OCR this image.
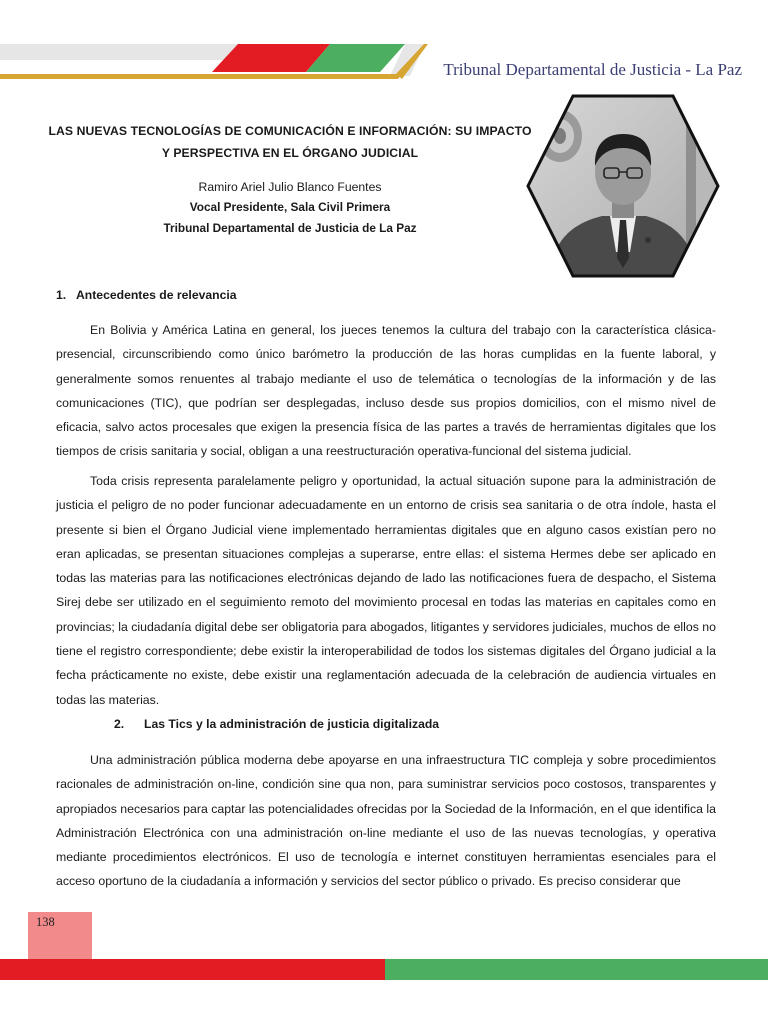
Tribunal Departamental de Justicia - La Paz
LAS NUEVAS TECNOLOGÍAS DE COMUNICACIÓN E INFORMACIÓN: SU IMPACTO
Y PERSPECTIVA EN EL ÓRGANO JUDICIAL
Ramiro Ariel Julio Blanco Fuentes
Vocal Presidente, Sala Civil Primera
Tribunal Departamental de Justicia de La Paz
1. Antecedentes de relevancia

En Bolivia y América Latina en general, los jueces tenemos la cultura del trabajo con la característica clásica-presencial, circunscribiendo como único barómetro la producción de las horas cumplidas en la fuente laboral, y generalmente somos renuentes al trabajo mediante el uso de telemática o tecnologías de la información y de las comunicaciones (TIC), que podrían ser desplegadas, incluso desde sus propios domicilios, con el mismo nivel de eficacia, salvo actos procesales que exigen la presencia física de las partes a través de herramientas digitales que los tiempos de crisis sanitaria y social, obligan a una reestructuración operativa-funcional del sistema judicial.

Toda crisis representa paralelamente peligro y oportunidad, la actual situación supone para la administración de justicia el peligro de no poder funcionar adecuadamente en un entorno de crisis sea sanitaria o de otra índole, hasta el presente si bien el Órgano Judicial viene implementado herramientas digitales que en alguno casos existían pero no eran aplicadas, se presentan situaciones complejas a superarse, entre ellas: el sistema Hermes debe ser aplicado en todas las materias para las notificaciones electrónicas dejando de lado las notificaciones fuera de despacho, el Sistema Sirej debe ser utilizado en el seguimiento remoto del movimiento procesal en todas las materias en capitales como en provincias; la ciudadanía digital debe ser obligatoria para abogados, litigantes y servidores judiciales, muchos de ellos no tiene el registro correspondiente; debe existir la interoperabilidad de todos los sistemas digitales del Órgano judicial a la fecha prácticamente no existe, debe existir una reglamentación adecuada de la celebración de audiencia virtuales en todas las materias.

2. Las Tics y la administración de justicia digitalizada

Una administración pública moderna debe apoyarse en una infraestructura TIC compleja y sobre procedimientos racionales de administración on-line, condición sine qua non, para suministrar servicios poco costosos, transparentes y apropiados necesarios para captar las potencialidades ofrecidas por la Sociedad de la Información, en el que identifica la Administración Electrónica con una administración on-line mediante el uso de las nuevas tecnologías, y operativa mediante procedimientos electrónicos. El uso de tecnología e internet constituyen herramientas esenciales para el acceso oportuno de la ciudadanía a información y servicios del sector público o privado. Es preciso considerar que

138
